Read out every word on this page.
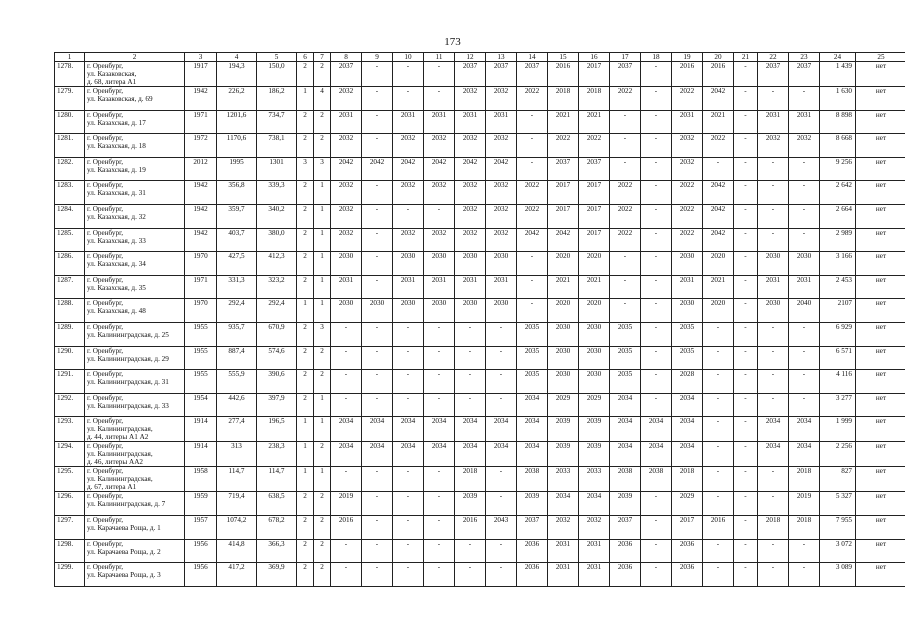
173
1	2	3	4	5	6	7	8	9	10	11	12	13	14	15	16	17	18	19	20	21	22	23	24	25
1278.	г. Оренбург,
ул. Казаковская,
д. 68, литера А1	1917	194,3	150,0	2	2	2037	-	-	-	2037	2037	2037	2016	2017	2037	-	2016	2016	-	2037	2037	1 439	нет
1279.	г. Оренбург,
ул. Казаковская, д. 69	1942	226,2	186,2	1	4	2032	-	-	-	2032	2032	2022	2018	2018	2022	-	2022	2042	-	-	-	1 630	нет
1280.	г. Оренбург,
ул. Казахская, д. 17	1971	1201,6	734,7	2	2	2031	-	2031	2031	2031	2031	-	2021	2021	-	-	2031	2021	-	2031	2031	8 898	нет
1281.	г. Оренбург,
ул. Казахская, д. 18	1972	1170,6	738,1	2	2	2032	-	2032	2032	2032	2032	-	2022	2022	-	-	2032	2022	-	2032	2032	8 668	нет
1282.	г. Оренбург,
ул. Казахская, д. 19	2012	1995	1301	3	3	2042	2042	2042	2042	2042	2042	-	2037	2037	-	-	2032	-	-	-	-	9 256	нет
1283.	г. Оренбург,
ул. Казахская, д. 31	1942	356,8	339,3	2	1	2032	-	2032	2032	2032	2032	2022	2017	2017	2022	-	2022	2042	-	-	-	2 642	нет
1284.	г. Оренбург,
ул. Казахская, д. 32	1942	359,7	340,2	2	1	2032	-	-	-	2032	2032	2022	2017	2017	2022	-	2022	2042	-	-	-	2 664	нет
1285.	г. Оренбург,
ул. Казахская, д. 33	1942	403,7	380,0	2	1	2032	-	2032	2032	2032	2032	2042	2042	2017	2022	-	2022	2042	-	-	-	2 989	нет
1286.	г. Оренбург,
ул. Казахская, д. 34	1970	427,5	412,3	2	1	2030	-	2030	2030	2030	2030	-	2020	2020	-	-	2030	2020	-	2030	2030	3 166	нет
1287.	г. Оренбург,
ул. Казахская, д. 35	1971	331,3	323,2	2	1	2031	-	2031	2031	2031	2031	-	2021	2021	-	-	2031	2021	-	2031	2031	2 453	нет
1288.	г. Оренбург,
ул. Казахская, д. 48	1970	292,4	292,4	1	1	2030	2030	2030	2030	2030	2030	-	2020	2020	-	-	2030	2020	-	2030	2040	2107	нет
1289.	г. Оренбург,
ул. Калининградская, д. 25	1955	935,7	670,9	2	3	-	-	-	-	-	-	2035	2030	2030	2035	-	2035	-	-	-	-	6 929	нет
1290.	г. Оренбург,
ул. Калининградская, д. 29	1955	887,4	574,6	2	2	-	-	-	-	-	-	2035	2030	2030	2035	-	2035	-	-	-	-	6 571	нет
1291.	г. Оренбург,
ул. Калининградская, д. 31	1955	555,9	390,6	2	2	-	-	-	-	-	-	2035	2030	2030	2035	-	2028	-	-	-	-	4 116	нет
1292.	г. Оренбург,
ул. Калининградская, д. 33	1954	442,6	397,9	2	1	-	-	-	-	-	-	2034	2029	2029	2034	-	2034	-	-	-	-	3 277	нет
1293.	г. Оренбург,
ул. Калининградская,
д. 44, литеры А1 А2	1914	277,4	196,5	1	1	2034	2034	2034	2034	2034	2034	2034	2039	2039	2034	2034	2034	-	-	2034	2034	1 999	нет
1294.	г. Оренбург,
ул. Калининградская,
д. 46, литеры АА2	1914	313	238,3	1	2	2034	2034	2034	2034	2034	2034	2034	2039	2039	2034	2034	2034	-	-	2034	2034	2 256	нет
1295.	г. Оренбург,
ул. Калининградская,
д. 67, литера А1	1958	114,7	114,7	1	1	-	-	-	-	2018	-	2038	2033	2033	2038	2038	2018	-	-	-	2018	827	нет
1296.	г. Оренбург,
ул. Калининградская, д. 7	1959	719,4	638,5	2	2	2019	-	-	-	2039	-	2039	2034	2034	2039	-	2029	-	-	-	2019	5 327	нет
1297.	г. Оренбург,
ул. Карачаева Роща, д. 1	1957	1074,2	678,2	2	2	2016	-	-	-	2016	2043	2037	2032	2032	2037	-	2017	2016	-	2018	2018	7 955	нет
1298.	г. Оренбург,
ул. Карачаева Роща, д. 2	1956	414,8	366,3	2	2	-	-	-	-	-	-	2036	2031	2031	2036	-	2036	-	-	-	-	3 072	нет
1299.	г. Оренбург,
ул. Карачаева Роща, д. 3	1956	417,2	369,9	2	2	-	-	-	-	-	-	2036	2031	2031	2036	-	2036	-	-	-	-	3 089	нет
